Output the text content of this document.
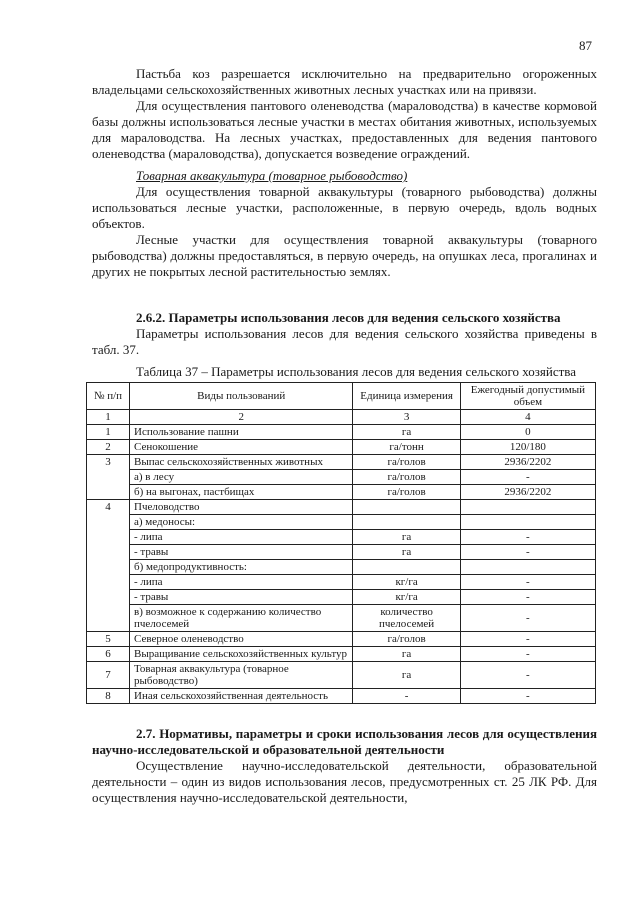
87

Пастьба коз разрешается исключительно на предварительно огороженных владельцами сельскохозяйственных животных лесных участках или на привязи.

Для осуществления пантового оленеводства (мараловодства) в качестве кормовой базы должны использоваться лесные участки в местах обитания животных, используемых для мараловодства. На лесных участках, предоставленных для ведения пантового оленеводства (мараловодства), допускается возведение ограждений.

Товарная аквакультура (товарное рыбоводство)

Для осуществления товарной аквакультуры (товарного рыбоводства) должны использоваться лесные участки, расположенные, в первую очередь, вдоль водных объектов.

Лесные участки для осуществления товарной аквакультуры (товарного рыбоводства) должны предоставляться, в первую очередь, на опушках леса, прогалинах и других не покрытых лесной растительностью землях.

2.6.2. Параметры использования лесов для ведения сельского хозяйства

Параметры использования лесов для ведения сельского хозяйства приведены в табл. 37.

Таблица 37 – Параметры использования лесов для ведения сельского хозяйства

№ п/п	Виды пользований	Единица измерения	Ежегодный допустимый объем
1	2	3	4
1	Использование пашни	га	0
2	Сенокошение	га/тонн	120/180
3	Выпас сельскохозяйственных животных	га/голов	2936/2202
	а) в лесу	га/голов	-
	б) на выгонах, пастбищах	га/голов	2936/2202
4	Пчеловодство		
	а) медоносы:		
	- липа	га	-
	- травы	га	-
	б) медопродуктивность:		
	- липа	кг/га	-
	- травы	кг/га	-
	в) возможное к содержанию количество пчелосемей	количество пчелосемей	-
5	Северное оленеводство	га/голов	-
6	Выращивание сельскохозяйственных культур	га	-
7	Товарная аквакультура (товарное рыбоводство)	га	-
8	Иная сельскохозяйственная деятельность	-	-

2.7. Нормативы, параметры и сроки использования лесов для осуществления научно-исследовательской и образовательной деятельности

Осуществление научно-исследовательской деятельности, образовательной деятельности – один из видов использования лесов, предусмотренных ст. 25 ЛК РФ. Для осуществления научно-исследовательской деятельности,
